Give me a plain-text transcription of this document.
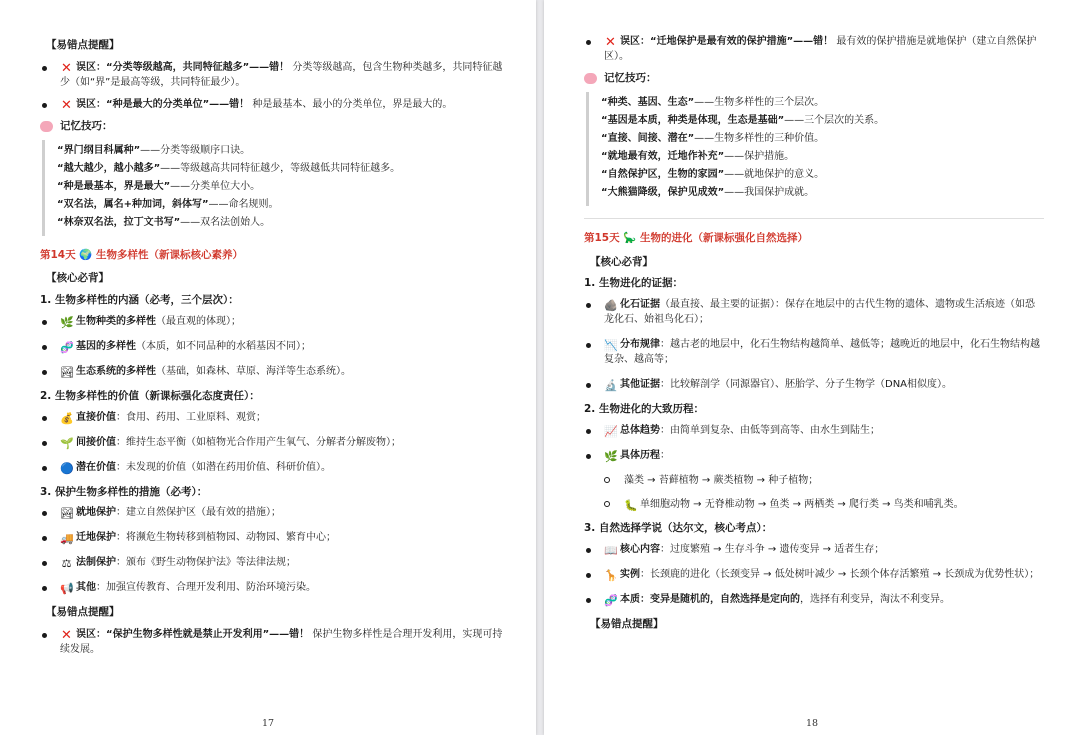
【易错点提醒】
✕ 误区：“分类等级越高，共同特征越多”——错！ 分类等级越高，包含生物种类越多，共同特征越少（如“界”是最高等级，共同特征最少）。
✕ 误区：“种是最大的分类单位”——错！ 种是最基本、最小的分类单位，界是最大的。
记忆技巧：

“界门纲目科属种”——分类等级顺序口诀。

“越大越少，越小越多”——等级越高共同特征越少，等级越低共同特征越多。

“种是最基本，界是最大”——分类单位大小。

“双名法，属名+种加词，斜体写”——命名规则。

“林奈双名法，拉丁文书写”——双名法创始人。

第14天 🌍 生物多样性（新课标核心素养）
【核心必背】
1. 生物多样性的内涵（必考，三个层次）：
🌿 生物种类的多样性（最直观的体现）；
🧬 基因的多样性（本质，如不同品种的水稻基因不同）；
🏞 生态系统的多样性（基础，如森林、草原、海洋等生态系统）。
2. 生物多样性的价值（新课标强化态度责任）：
💰 直接价值：食用、药用、工业原料、观赏；
🌱 间接价值：维持生态平衡（如植物光合作用产生氧气、分解者分解废物）；
🔵 潜在价值：未发现的价值（如潜在药用价值、科研价值）。
3. 保护生物多样性的措施（必考）：
🏞 就地保护：建立自然保护区（最有效的措施）；
🚚 迁地保护：将濒危生物转移到植物园、动物园、繁育中心；
⚖ 法制保护：颁布《野生动物保护法》等法律法规；
📢 其他：加强宣传教育、合理开发利用、防治环境污染。
【易错点提醒】
✕ 误区：“保护生物多样性就是禁止开发利用”——错！ 保护生物多样性是合理开发利用，实现可持续发展。
17
✕ 误区：“迁地保护是最有效的保护措施”——错！ 最有效的保护措施是就地保护（建立自然保护区）。
记忆技巧：

“种类、基因、生态”——生物多样性的三个层次。

“基因是本质，种类是体现，生态是基础”——三个层次的关系。

“直接、间接、潜在”——生物多样性的三种价值。

“就地最有效，迁地作补充”——保护措施。

“自然保护区，生物的家园”——就地保护的意义。

“大熊猫降级，保护见成效”——我国保护成就。

第15天 🦕 生物的进化（新课标强化自然选择）
【核心必背】
1. 生物进化的证据：
🪨 化石证据（最直接、最主要的证据）：保存在地层中的古代生物的遗体、遗物或生活痕迹（如恐龙化石、始祖鸟化石）；
📉 分布规律：越古老的地层中，化石生物结构越简单、越低等；越晚近的地层中，化石生物结构越复杂、越高等；
🔬 其他证据：比较解剖学（同源器官）、胚胎学、分子生物学（DNA相似度）。
2. 生物进化的大致历程：
📈 总体趋势：由简单到复杂、由低等到高等、由水生到陆生；
🌿 具体历程：
藻类 → 苔藓植物 → 蕨类植物 → 种子植物；
🐛 单细胞动物 → 无脊椎动物 → 鱼类 → 两栖类 → 爬行类 → 鸟类和哺乳类。
3. 自然选择学说（达尔文，核心考点）：
📖 核心内容：过度繁殖 → 生存斗争 → 遗传变异 → 适者生存；
🦒 实例：长颈鹿的进化（长颈变异 → 低处树叶减少 → 长颈个体存活繁殖 → 长颈成为优势性状）；
🧬 本质：变异是随机的，自然选择是定向的，选择有利变异，淘汰不利变异。
【易错点提醒】
18
